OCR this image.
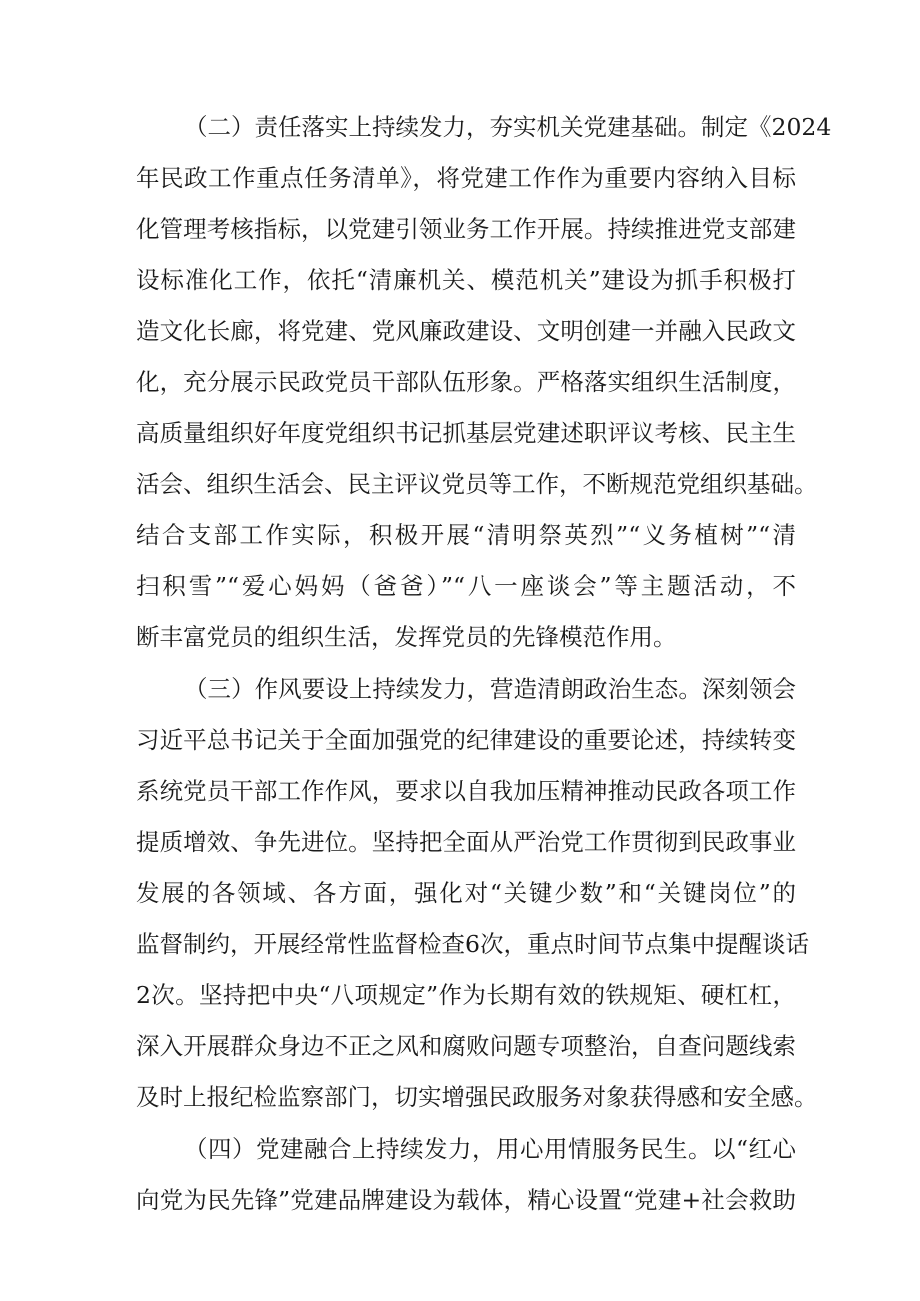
（二）责任落实上持续发力，夯实机关党建基础。制定《2024
年民政工作重点任务清单》，将党建工作作为重要内容纳入目标
化管理考核指标，以党建引领业务工作开展。持续推进党支部建
设标准化工作，依托“清廉机关、模范机关”建设为抓手积极打
造文化长廊，将党建、党风廉政建设、文明创建一并融入民政文
化，充分展示民政党员干部队伍形象。严格落实组织生活制度，
高质量组织好年度党组织书记抓基层党建述职评议考核、民主生
活会、组织生活会、民主评议党员等工作，不断规范党组织基础。
结合支部工作实际，积极开展“清明祭英烈”“义务植树”“清
扫积雪”“爱心妈妈（爸爸）”“八一座谈会”等主题活动，不
断丰富党员的组织生活，发挥党员的先锋模范作用。
（三）作风要设上持续发力，营造清朗政治生态。深刻领会
习近平总书记关于全面加强党的纪律建设的重要论述，持续转变
系统党员干部工作作风，要求以自我加压精神推动民政各项工作
提质增效、争先进位。坚持把全面从严治党工作贯彻到民政事业
发展的各领域、各方面，强化对“关键少数”和“关键岗位”的
监督制约，开展经常性监督检查6次，重点时间节点集中提醒谈话
2次。坚持把中央“八项规定”作为长期有效的铁规矩、硬杠杠，
深入开展群众身边不正之风和腐败问题专项整治，自查问题线索
及时上报纪检监察部门，切实增强民政服务对象获得感和安全感。
（四）党建融合上持续发力，用心用情服务民生。以“红心
向党为民先锋”党建品牌建设为载体，精心设置“党建+社会救助
